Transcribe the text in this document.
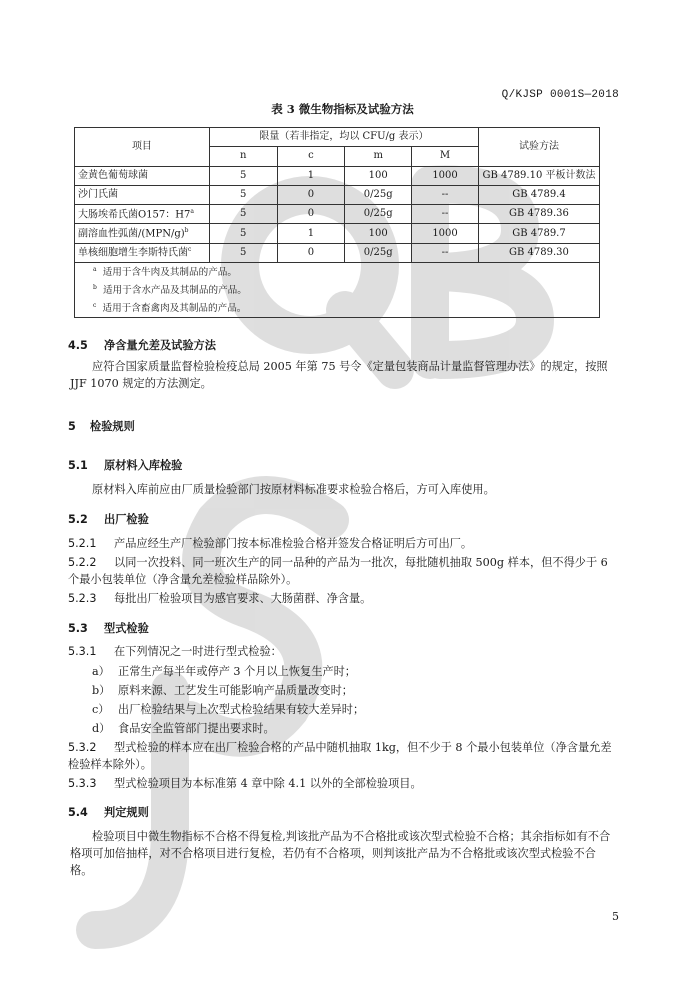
Q/KJSP 0001S—2018
表 3 微生物指标及试验方法
项目	限量（若非指定，均以 CFU/g 表示）				试验方法
	n	c	m	M	
金黄色葡萄球菌	5	1	100	1000	GB 4789.10 平板计数法
沙门氏菌	5	0	0/25g	--	GB 4789.4
大肠埃希氏菌O157：H7$^a$	5	0	0/25g	--	GB 4789.36
副溶血性弧菌$/(MPN/g)^b$	5	1	100	1000	GB 4789.7
单核细胞增生李斯特氏菌$^c$	5	0	0/25g	--	GB 4789.30
$^a$ 适用于含牛肉及其制品的产品。					
$^b$ 适用于含水产品及其制品的产品。					
$^c$ 适用于含畜禽肉及其制品的产品。					
4.5 净含量允差及试验方法
应符合国家质量监督检验检疫总局 2005 年第 75 号令《定量包装商品计量监督管理办法》的规定，按照 JJF 1070 规定的方法测定。
5 检验规则
5.1 原材料入库检验
原材料入库前应由厂质量检验部门按原材料标准要求检验合格后，方可入库使用。
5.2 出厂检验
5.2.1 产品应经生产厂检验部门按本标准检验合格并签发合格证明后方可出厂。
5.2.2 以同一次投料、同一班次生产的同一品种的产品为一批次，每批随机抽取 500g 样本，但不得少于 6 个最小包装单位（净含量允差检验样品除外）。
5.2.3 每批出厂检验项目为感官要求、大肠菌群、净含量。
5.3 型式检验
5.3.1 在下列情况之一时进行型式检验：
a） 正常生产每半年或停产 3 个月以上恢复生产时；
b） 原料来源、工艺发生可能影响产品质量改变时；
c） 出厂检验结果与上次型式检验结果有较大差异时；
d） 食品安全监管部门提出要求时。
5.3.2 型式检验的样本应在出厂检验合格的产品中随机抽取 1kg，但不少于 8 个最小包装单位（净含量允差检验样本除外）。
5.3.3 型式检验项目为本标准第 4 章中除 4.1 以外的全部检验项目。
5.4 判定规则
检验项目中微生物指标不合格不得复检,判该批产品为不合格批或该次型式检验不合格；其余指标如有不合格项可加倍抽样，对不合格项目进行复检，若仍有不合格项，则判该批产品为不合格批或该次型式检验不合格。
5
